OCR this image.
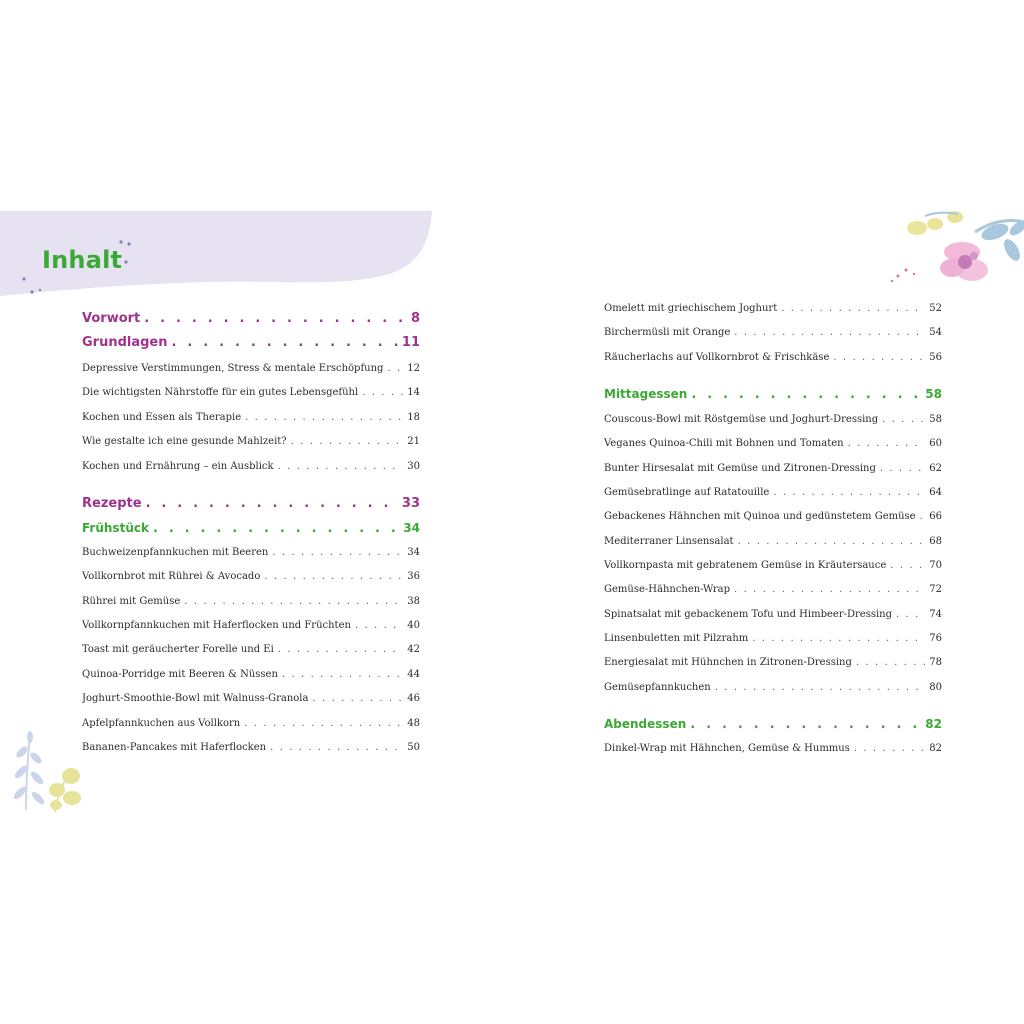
Inhalt
Vorwort . . .	8
Grundlagen . . .	11
Depressive Verstimmungen, Stress & mentale Erschöpfung . . . 12
Die wichtigsten Nährstoffe für ein gutes Lebensgefühl . . .	14
Kochen und Essen als Therapie . . .	18
Wie gestalte ich eine gesunde Mahlzeit? . . .	21
Kochen und Ernährung – ein Ausblick . . .	30
Rezepte . . .	33
Frühstück . . .	34
Buchweizenpfannkuchen mit Beeren . . .	34
Vollkornbrot mit Rührei & Avocado . . .	36
Rührei mit Gemüse . . .	38
Vollkornpfannkuchen mit Haferflocken und Früchten . . .	40
Toast mit geräucherter Forelle und Ei . . .	42
Quinoa-Porridge mit Beeren & Nüssen . . .	44
Joghurt-Smoothie-Bowl mit Walnuss-Granola . . .	46
Apfelpfannkuchen aus Vollkorn . . .	48
Bananen-Pancakes mit Haferflocken . . .	50
Omelett mit griechischem Joghurt . . .	52
Birchermüsli mit Orange . . .	54
Räucherlachs auf Vollkornbrot & Frischkäse . . .	56
Mittagessen . . .	58
Couscous-Bowl mit Röstgemüse und Joghurt-Dressing . . .	58
Veganes Quinoa-Chili mit Bohnen und Tomaten . . .	60
Bunter Hirsesalat mit Gemüse und Zitronen-Dressing . . .	62
Gemüsebratlinge auf Ratatouille . . .	64
Gebackenes Hähnchen mit Quinoa und gedünstetem Gemüse . . . 66
Mediterraner Linsensalat . . .	68
Vollkornpasta mit gebratenem Gemüse in Kräutersauce . . .	70
Gemüse-Hähnchen-Wrap . . .	72
Spinatsalat mit gebackenem Tofu und Himbeer-Dressing . . .	74
Linsenbuletten mit Pilzrahm . . .	76
Energiesalat mit Hühnchen in Zitronen-Dressing . . .	78
Gemüsepfannkuchen . . .	80
Abendessen . . .	82
Dinkel-Wrap mit Hähnchen, Gemüse & Hummus . . .	82
